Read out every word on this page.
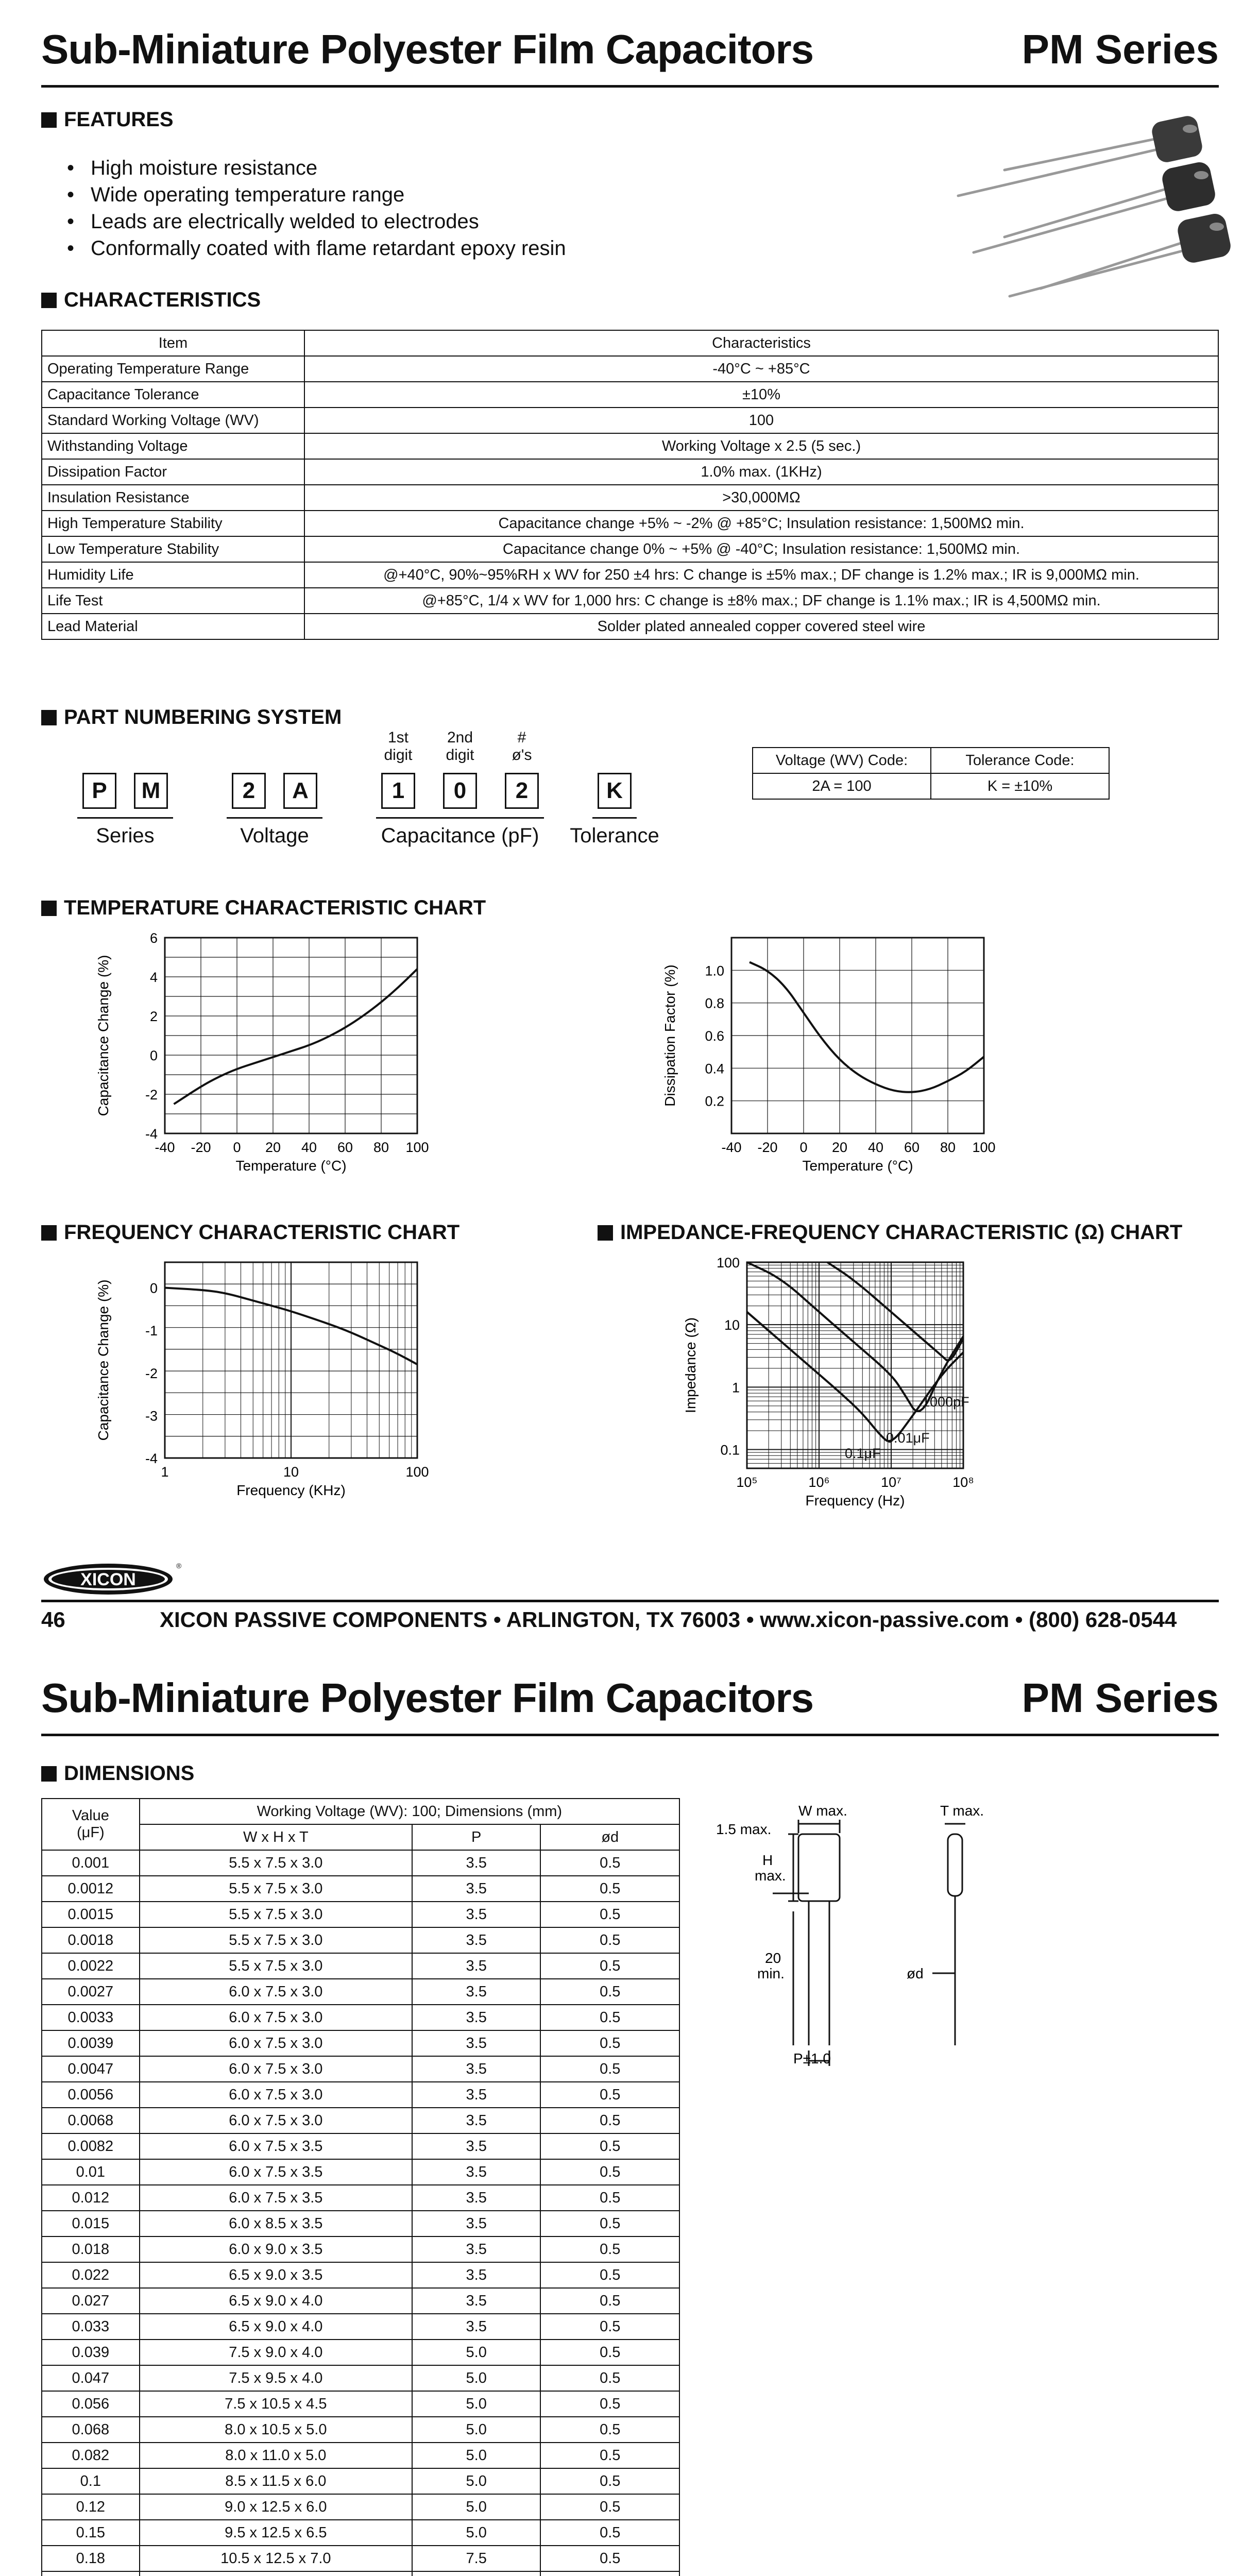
Sub-Miniature Polyester Film Capacitors	PM Series
FEATURES
• High moisture resistance
• Wide operating temperature range
• Leads are electrically welded to electrodes
• Conformally coated with flame retardant epoxy resin
CHARACTERISTICS
Item	Characteristics
Operating Temperature Range	-40°C ~ +85°C
Capacitance Tolerance	±10%
Standard Working Voltage (WV)	100
Withstanding Voltage	Working Voltage x 2.5 (5 sec.)
Dissipation Factor	1.0% max. (1KHz)
Insulation Resistance	>30,000MΩ
High Temperature Stability	Capacitance change +5% ~ -2% @ +85°C; Insulation resistance: 1,500MΩ min.
Low Temperature Stability	Capacitance change 0% ~ +5% @ -40°C; Insulation resistance: 1,500MΩ min.
Humidity Life	@+40°C, 90%~95%RH x WV for 250 ±4 hrs: C change is ±5% max.; DF change is 1.2% max.; IR is 9,000MΩ min.
Life Test	@+85°C, 1/4 x WV for 1,000 hrs: C change is ±8% max.; DF change is 1.1% max.; IR is 4,500MΩ min.
Lead Material	Solder plated annealed copper covered steel wire
PART NUMBERING SYSTEM
P	M	2	A	1	0	2	K
1st
digit
2nd
digit
#
ø's
Series	Voltage	Capacitance (pF)	Tolerance
Voltage (WV) Code:	Tolerance Code:
2A = 100	K = ±10%
TEMPERATURE CHARACTERISTIC CHART
-40 -20 0 20 40 60 80 100
6
4
2
0
-2
-4
Temperature (°C)
Capacitance Change (%)
-40 -20 0 20 40 60 80 100
1.0
0.8
0.6
0.4
0.2
Temperature (°C)
Dissipation Factor (%)
FREQUENCY CHARACTERISTIC CHART	IMPEDANCE-FREQUENCY CHARACTERISTIC (Ω) CHART
1	10	100
0
-1
-2
-3
-4
Frequency (KHz)
Capacitance Change (%)
10⁵	10⁶	10⁷	10⁸
100
10
1
0.1
Frequency (Hz)
Impedance (Ω)
0.1μF
0.01μF
1000pF
XICON
®
46	XICON PASSIVE COMPONENTS • ARLINGTON, TX 76003 • www.xicon-passive.com • (800) 628-0544
Sub-Miniature Polyester Film Capacitors	PM Series
DIMENSIONS
Value
(μF)	Working Voltage (WV): 100; Dimensions (mm)		
	W x H x T	P	ød
0.001	5.5 x 7.5 x 3.0	3.5	0.5
0.0012	5.5 x 7.5 x 3.0	3.5	0.5
0.0015	5.5 x 7.5 x 3.0	3.5	0.5
0.0018	5.5 x 7.5 x 3.0	3.5	0.5
0.0022	5.5 x 7.5 x 3.0	3.5	0.5
0.0027	6.0 x 7.5 x 3.0	3.5	0.5
0.0033	6.0 x 7.5 x 3.0	3.5	0.5
0.0039	6.0 x 7.5 x 3.0	3.5	0.5
0.0047	6.0 x 7.5 x 3.0	3.5	0.5
0.0056	6.0 x 7.5 x 3.0	3.5	0.5
0.0068	6.0 x 7.5 x 3.0	3.5	0.5
0.0082	6.0 x 7.5 x 3.5	3.5	0.5
0.01	6.0 x 7.5 x 3.5	3.5	0.5
0.012	6.0 x 7.5 x 3.5	3.5	0.5
0.015	6.0 x 8.5 x 3.5	3.5	0.5
0.018	6.0 x 9.0 x 3.5	3.5	0.5
0.022	6.5 x 9.0 x 3.5	3.5	0.5
0.027	6.5 x 9.0 x 4.0	3.5	0.5
0.033	6.5 x 9.0 x 4.0	3.5	0.5
0.039	7.5 x 9.0 x 4.0	5.0	0.5
0.047	7.5 x 9.5 x 4.0	5.0	0.5
0.056	7.5 x 10.5 x 4.5	5.0	0.5
0.068	8.0 x 10.5 x 5.0	5.0	0.5
0.082	8.0 x 11.0 x 5.0	5.0	0.5
0.1	8.5 x 11.5 x 6.0	5.0	0.5
0.12	9.0 x 12.5 x 6.0	5.0	0.5
0.15	9.5 x 12.5 x 6.5	5.0	0.5
0.18	10.5 x 12.5 x 7.0	7.5	0.5

1.5 max.
W max.	T max.
H
max.
20
min.
P±1.0
ød
